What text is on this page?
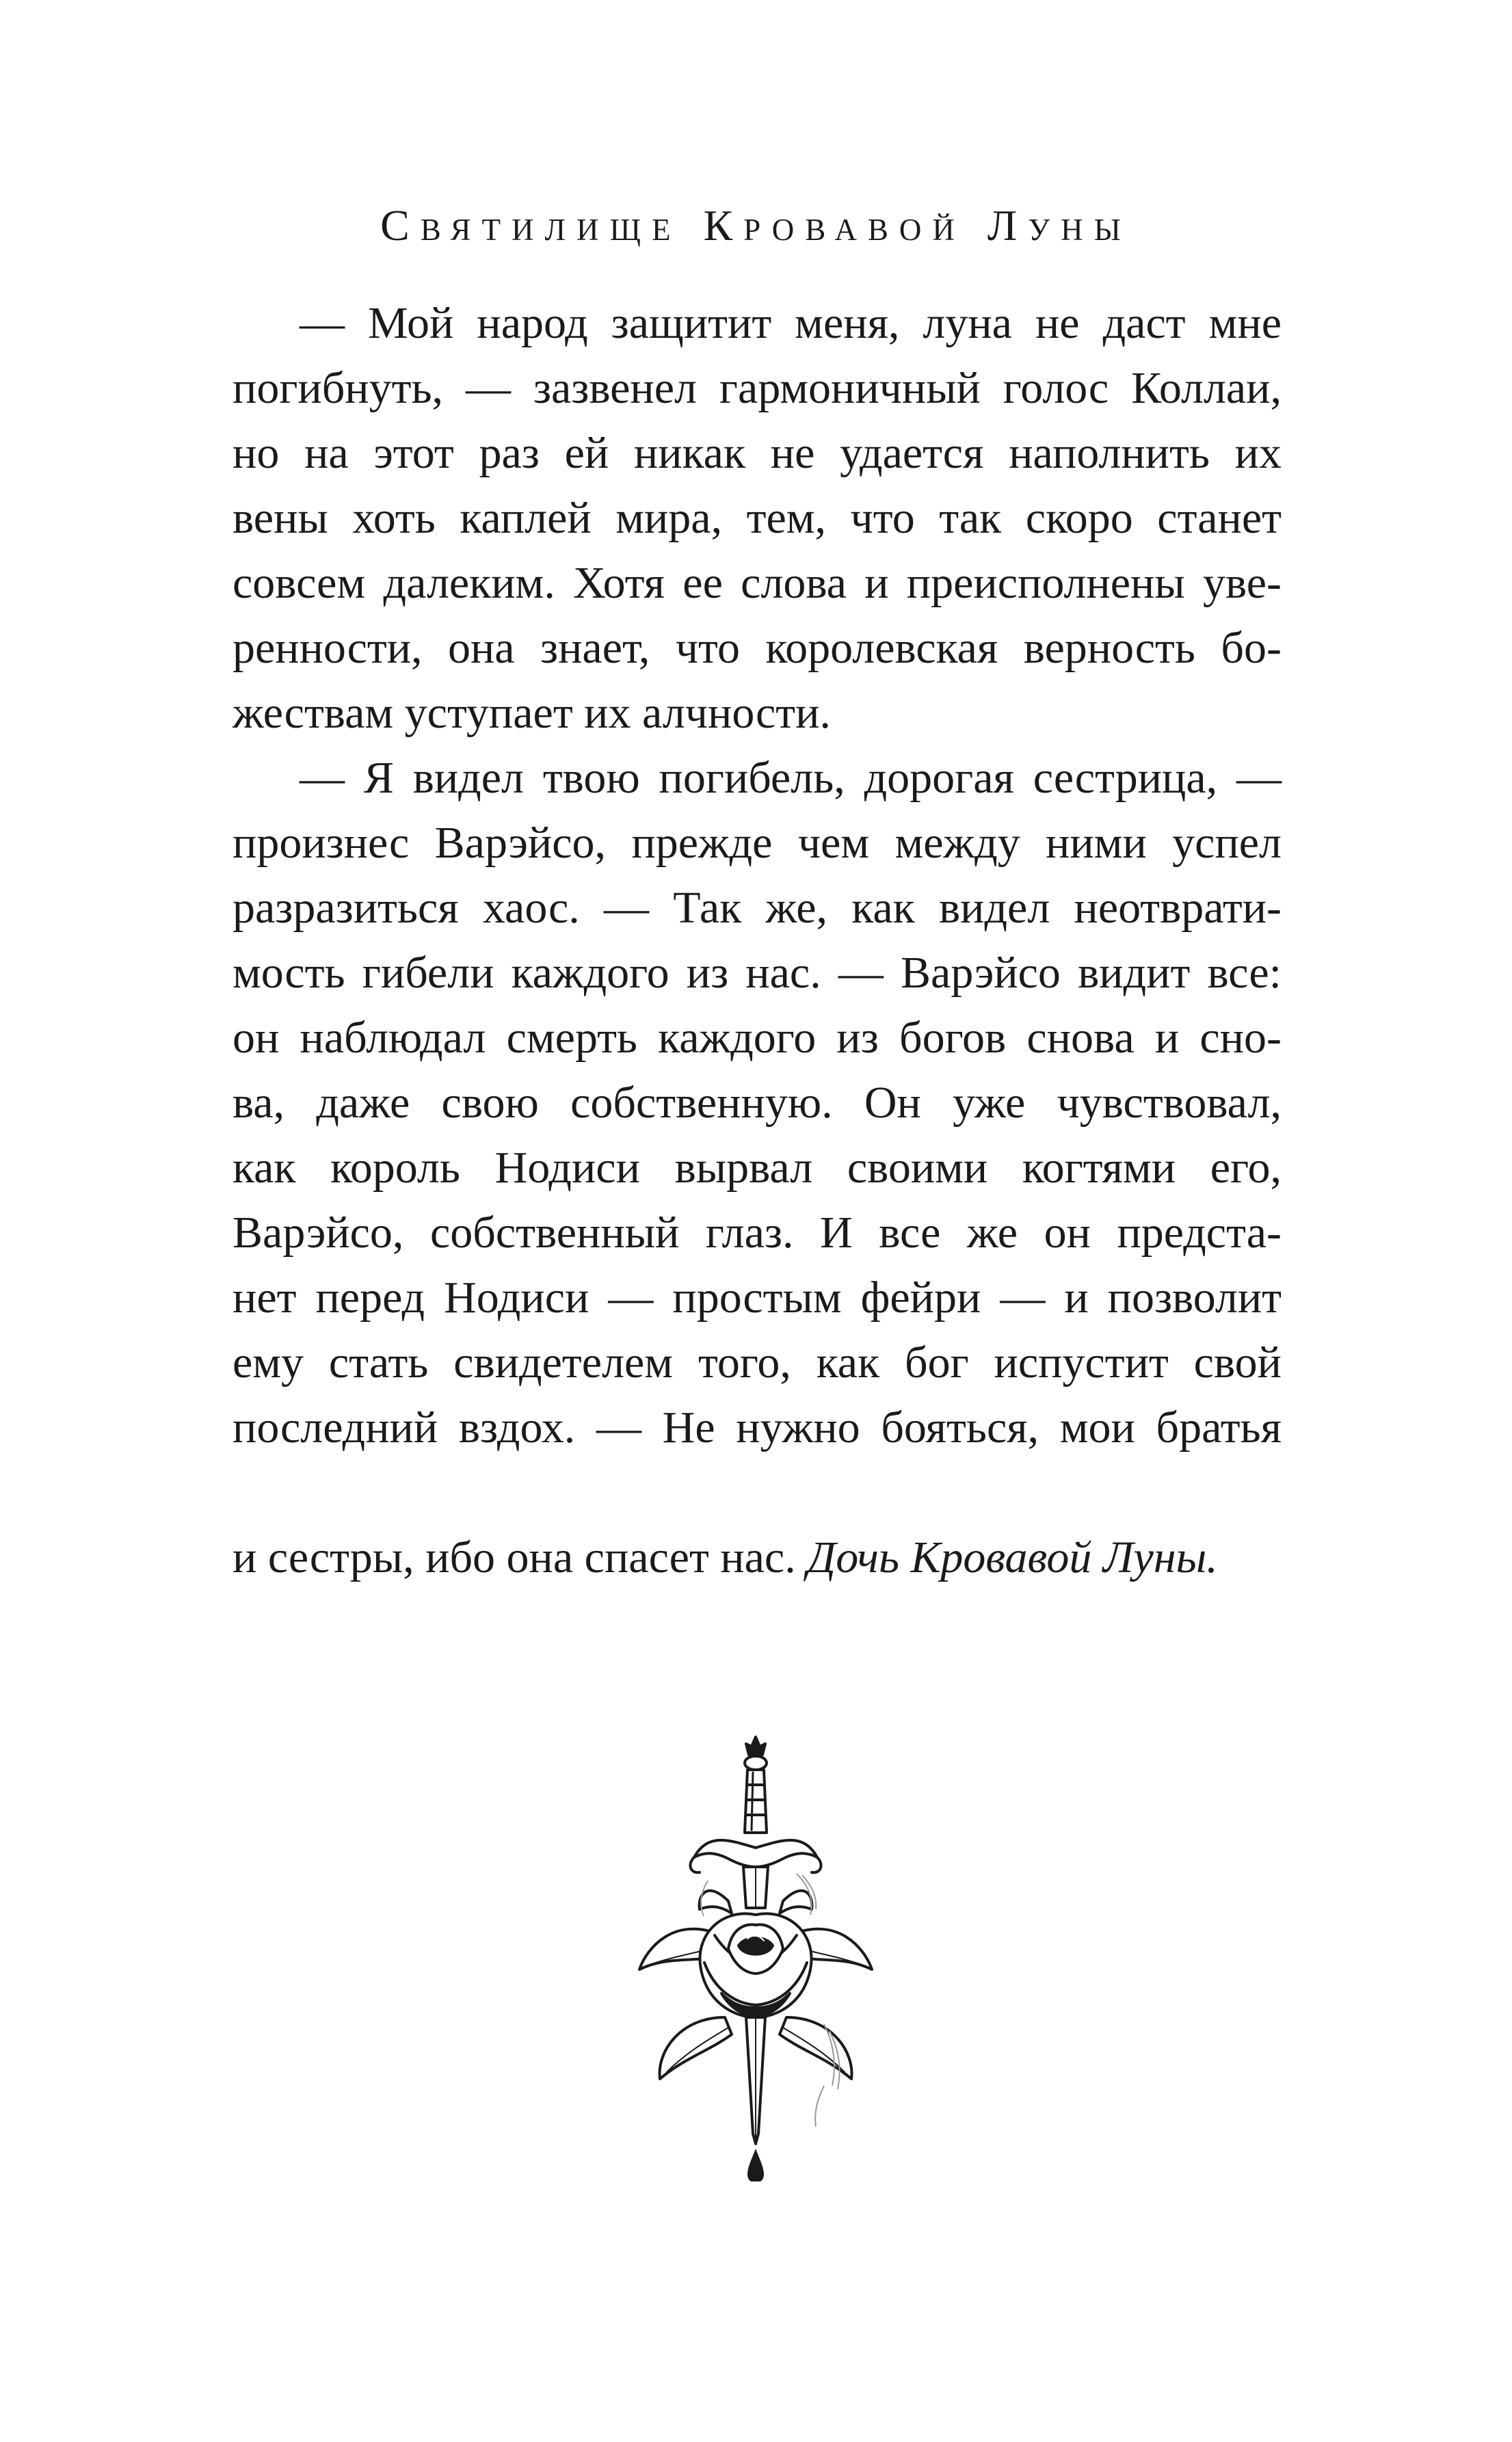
Святилище Кровавой Луны
— Мой народ защитит меня, луна не даст мне
погибнуть, — зазвенел гармоничный голос Коллаи,
но на этот раз ей никак не удается наполнить их
вены хоть каплей мира, тем, что так скоро станет
совсем далеким. Хотя ее слова и преисполнены уве-
ренности, она знает, что королевская верность бо-
жествам уступает их алчности.
— Я видел твою погибель, дорогая сестрица, —
произнес Варэйсо, прежде чем между ними успел
разразиться хаос. — Так же, как видел неотврати-
мость гибели каждого из нас. — Варэйсо видит все:
он наблюдал смерть каждого из богов снова и сно-
ва, даже свою собственную. Он уже чувствовал,
как король Нодиси вырвал своими когтями его,
Варэйсо, собственный глаз. И все же он предста-
нет перед Нодиси — простым фейри — и позволит
ему стать свидетелем того, как бог испустит свой
последний вздох. — Не нужно бояться, мои братья
и сестры, ибо она спасет нас. Дочь Кровавой Луны.
